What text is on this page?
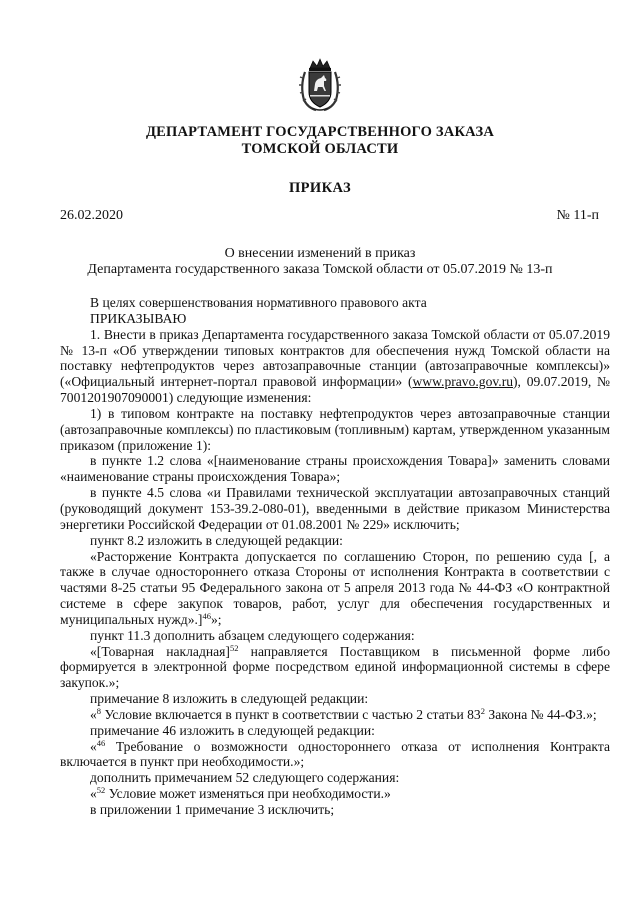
ДЕПАРТАМЕНТ ГОСУДАРСТВЕННОГО ЗАКАЗА
ТОМСКОЙ ОБЛАСТИ
ПРИКАЗ
26.02.2020	№ 11-п
О внесении изменений в приказ
Департамента государственного заказа Томской области от 05.07.2019 № 13-п

В целях совершенствования нормативного правового акта

ПРИКАЗЫВАЮ

1. Внести в приказ Департамента государственного заказа Томской области от 05.07.2019 № 13-п «Об утверждении типовых контрактов для обеспечения нужд Томской области на поставку нефтепродуктов через автозаправочные станции (автозаправочные комплексы)» («Официальный интернет-портал правовой информации» (www.pravo.gov.ru), 09.07.2019, № 7001201907090001) следующие изменения:

1) в типовом контракте на поставку нефтепродуктов через автозаправочные станции (автозаправочные комплексы) по пластиковым (топливным) картам, утвержденном указанным приказом (приложение 1):

в пункте 1.2 слова «[наименование страны происхождения Товара]» заменить словами «наименование страны происхождения Товара»;

в пункте 4.5 слова «и Правилами технической эксплуатации автозаправочных станций (руководящий документ 153-39.2-080-01), введенными в действие приказом Министерства энергетики Российской Федерации от 01.08.2001 № 229» исключить;

пункт 8.2 изложить в следующей редакции:

«Расторжение Контракта допускается по соглашению Сторон, по решению суда [, а также в случае одностороннего отказа Стороны от исполнения Контракта в соответствии с частями 8-25 статьи 95 Федерального закона от 5 апреля 2013 года № 44-ФЗ «О контрактной системе в сфере закупок товаров, работ, услуг для обеспечения государственных и муниципальных нужд».]$^{46}$»;

пункт 11.3 дополнить абзацем следующего содержания:

«[Товарная накладная]$^{52}$ направляется Поставщиком в письменной форме либо формируется в электронной форме посредством единой информационной системы в сфере закупок.»;

примечание 8 изложить в следующей редакции:

«$^8$ Условие включается в пункт в соответствии с частью 2 статьи $83^2$ Закона № 44-ФЗ.»;

примечание 46 изложить в следующей редакции:

«$^{46}$ Требование о возможности одностороннего отказа от исполнения Контракта включается в пункт при необходимости.»;

дополнить примечанием 52 следующего содержания:

«$^{52}$ Условие может изменяться при необходимости.»

в приложении 1 примечание 3 исключить;
